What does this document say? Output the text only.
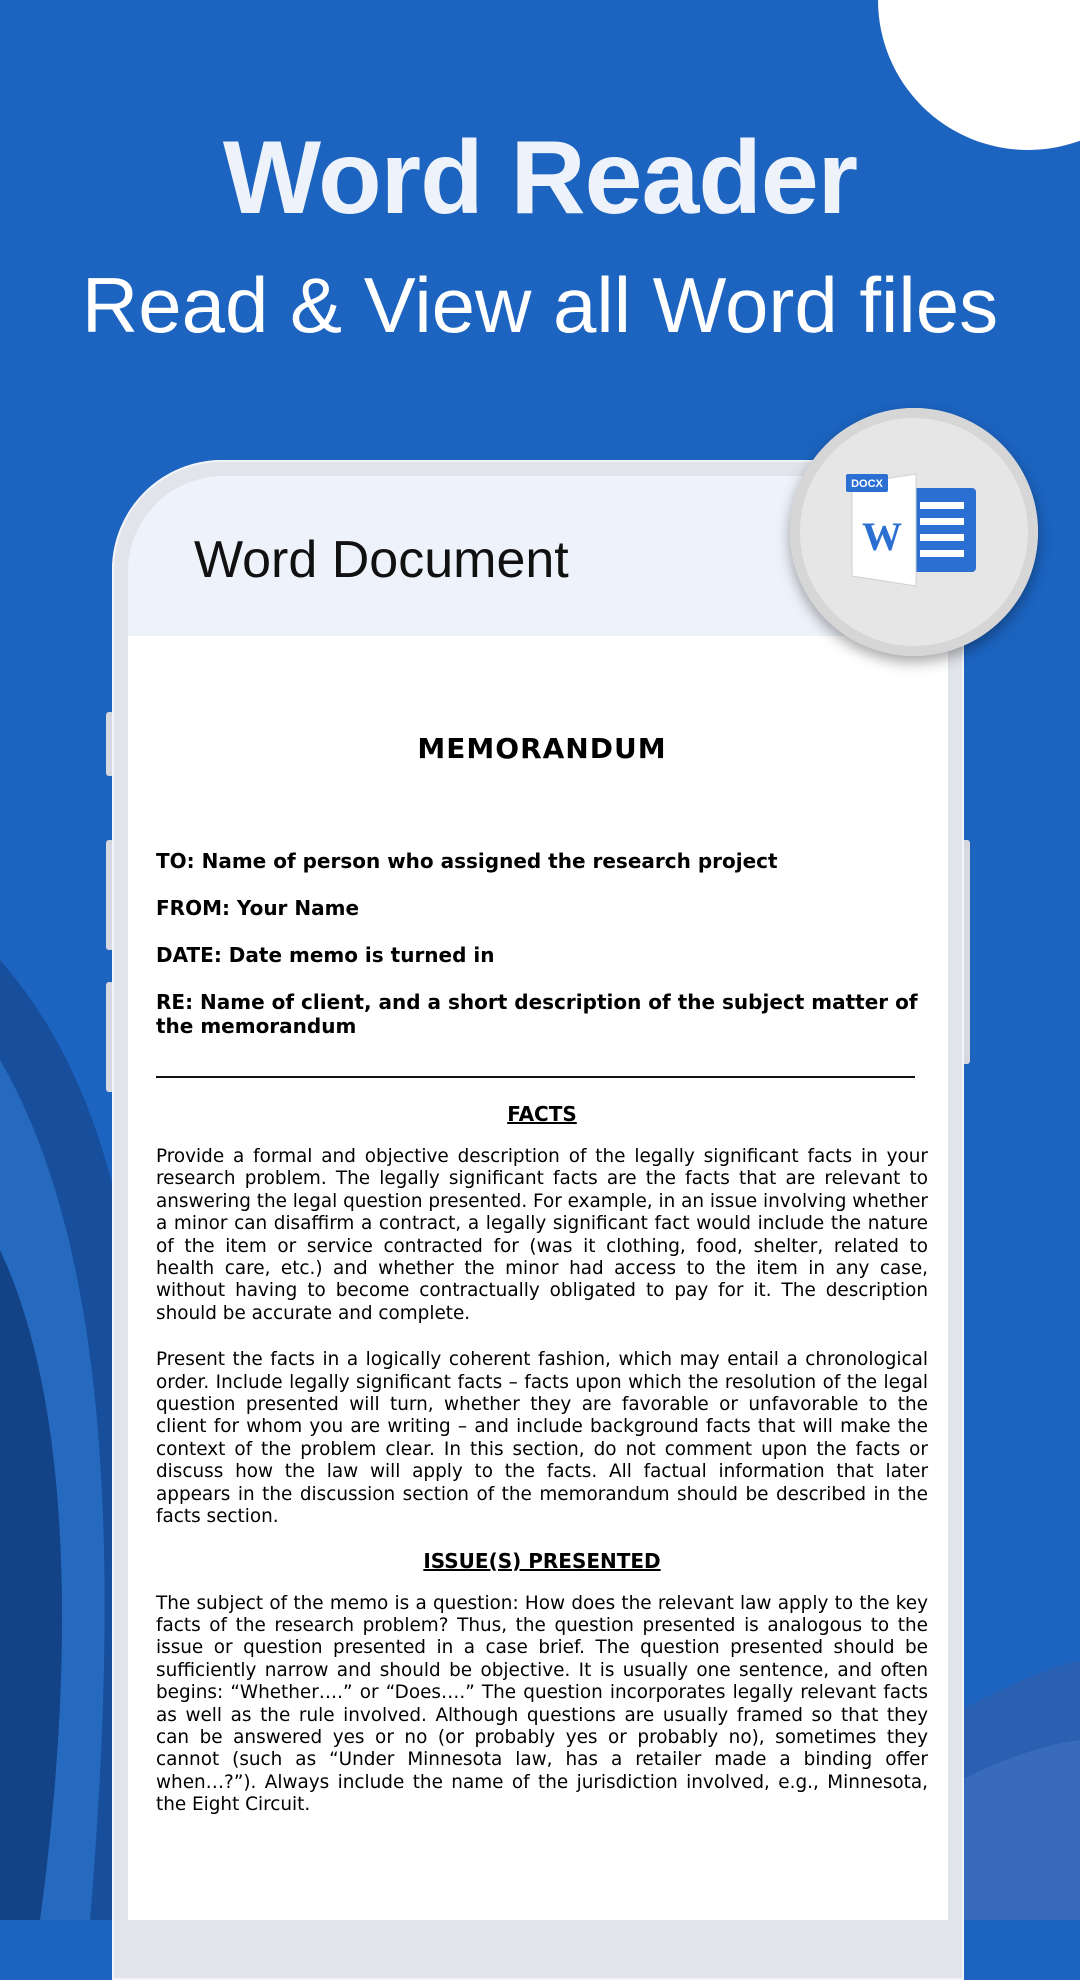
Word Reader
Read & View all Word files
Word Document
MEMORANDUM
TO: Name of person who assigned the research project
FROM: Your Name
DATE: Date memo is turned in
RE: Name of client, and a short description of the subject matter of the memorandum
FACTS
Provide a formal and objective description of the legally significant facts in your research problem. The legally significant facts are the facts that are relevant to answering the legal question presented. For example, in an issue involving whether a minor can disaffirm a contract, a legally significant fact would include the nature of the item or service contracted for (was it clothing, food, shelter, related to health care, etc.) and whether the minor had access to the item in any case, without having to become contractually obligated to pay for it. The description should be accurate and complete.
Present the facts in a logically coherent fashion, which may entail a chronological order. Include legally significant facts – facts upon which the resolution of the legal question presented will turn, whether they are favorable or unfavorable to the client for whom you are writing – and include background facts that will make the context of the problem clear. In this section, do not comment upon the facts or discuss how the law will apply to the facts. All factual information that later appears in the discussion section of the memorandum should be described in the facts section.
ISSUE(S) PRESENTED
The subject of the memo is a question: How does the relevant law apply to the key facts of the research problem? Thus, the question presented is analogous to the issue or question presented in a case brief. The question presented should be sufficiently narrow and should be objective. It is usually one sentence, and often begins: “Whether….” or “Does….” The question incorporates legally relevant facts as well as the rule involved. Although questions are usually framed so that they can be answered yes or no (or probably yes or probably no), sometimes they cannot (such as “Under Minnesota law, has a retailer made a binding offer when…?”). Always include the name of the jurisdiction involved, e.g., Minnesota, the Eight Circuit.
DOCX
W
